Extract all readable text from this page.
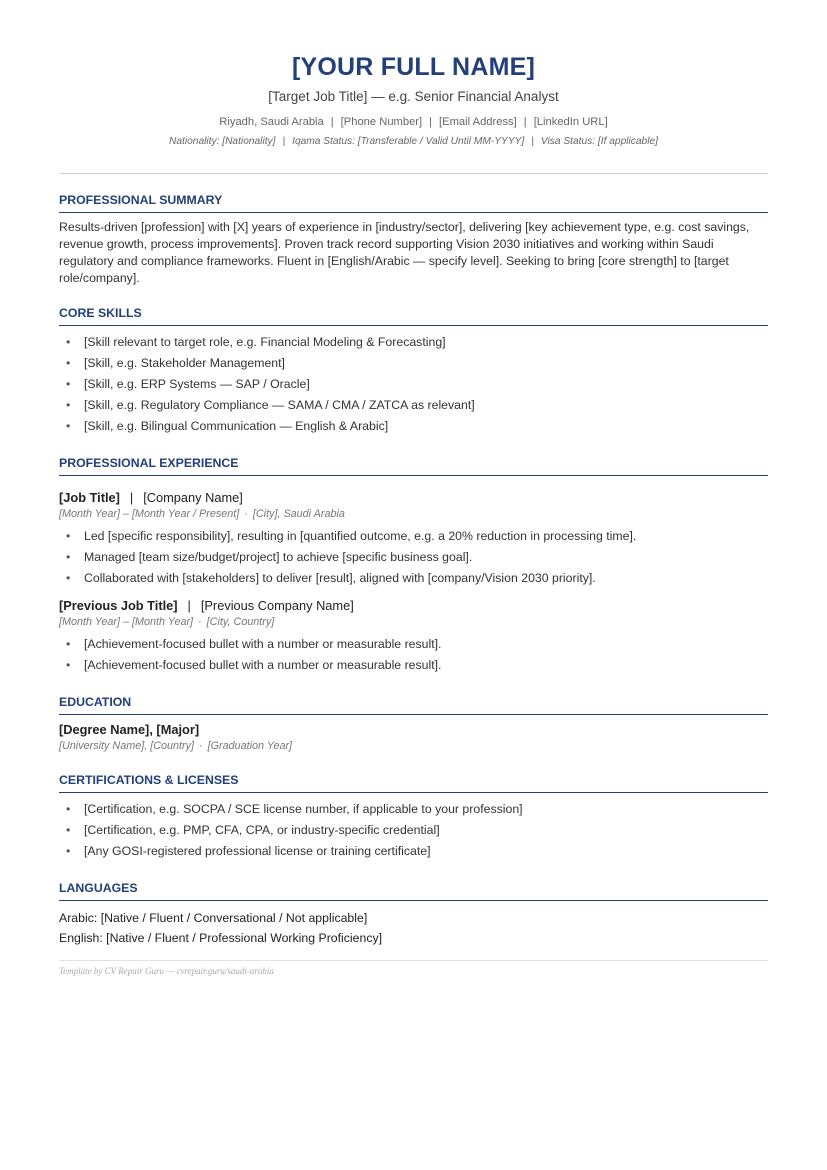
[YOUR FULL NAME]
[Target Job Title] — e.g. Senior Financial Analyst
Riyadh, Saudi Arabia | [Phone Number] | [Email Address] | [LinkedIn URL]
Nationality: [Nationality] | Iqama Status: [Transferable / Valid Until MM-YYYY] | Visa Status: [If applicable]
PROFESSIONAL SUMMARY
Results-driven [profession] with [X] years of experience in [industry/sector], delivering [key achievement type, e.g. cost savings, revenue growth, process improvements]. Proven track record supporting Vision 2030 initiatives and working within Saudi regulatory and compliance frameworks. Fluent in [English/Arabic — specify level]. Seeking to bring [core strength] to [target role/company].
CORE SKILLS
• [Skill relevant to target role, e.g. Financial Modeling & Forecasting]
• [Skill, e.g. Stakeholder Management]
• [Skill, e.g. ERP Systems — SAP / Oracle]
• [Skill, e.g. Regulatory Compliance — SAMA / CMA / ZATCA as relevant]
• [Skill, e.g. Bilingual Communication — English & Arabic]
PROFESSIONAL EXPERIENCE
[Job Title] | [Company Name]
[Month Year] – [Month Year / Present] · [City], Saudi Arabia
• Led [specific responsibility], resulting in [quantified outcome, e.g. a 20% reduction in processing time].
• Managed [team size/budget/project] to achieve [specific business goal].
• Collaborated with [stakeholders] to deliver [result], aligned with [company/Vision 2030 priority].
[Previous Job Title] | [Previous Company Name]
[Month Year] – [Month Year] · [City, Country]
• [Achievement-focused bullet with a number or measurable result].
• [Achievement-focused bullet with a number or measurable result].
EDUCATION
[Degree Name], [Major]
[University Name], [Country] · [Graduation Year]
CERTIFICATIONS & LICENSES
• [Certification, e.g. SOCPA / SCE license number, if applicable to your profession]
• [Certification, e.g. PMP, CFA, CPA, or industry-specific credential]
• [Any GOSI-registered professional license or training certificate]
LANGUAGES
Arabic: [Native / Fluent / Conversational / Not applicable]
English: [Native / Fluent / Professional Working Proficiency]
Template by CV Repair Guru — cvrepair.guru/saudi-arabia
